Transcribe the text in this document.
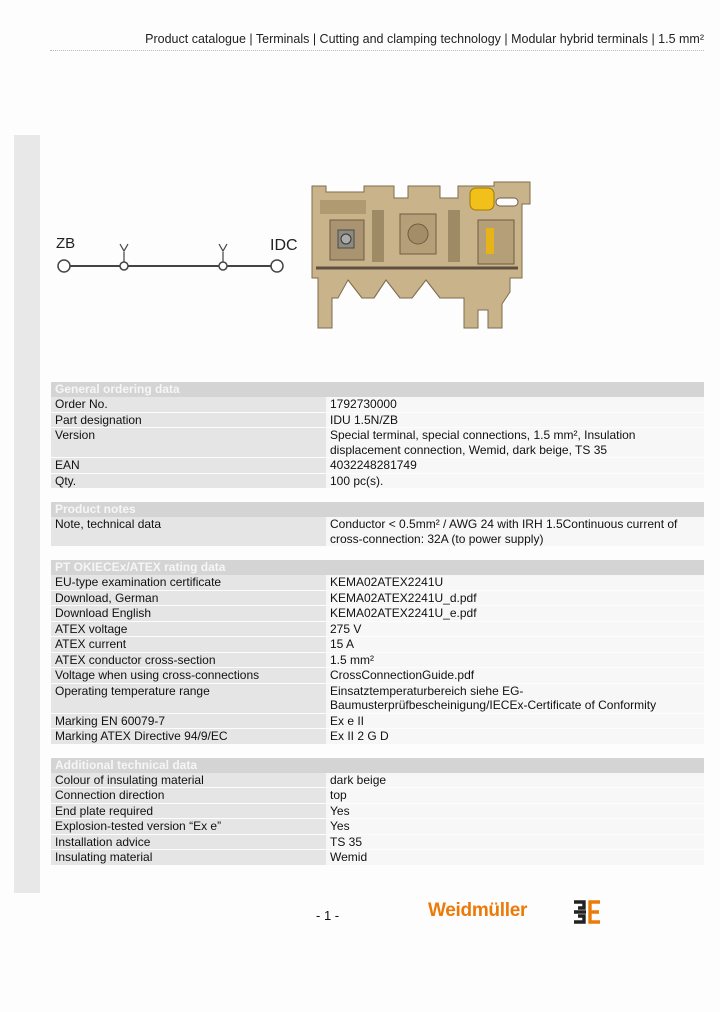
Product catalogue | Terminals | Cutting and clamping technology | Modular hybrid terminals | 1.5 mm²
ZB	IDC
General ordering data	
Order No.	1792730000
Part designation	IDU 1.5N/ZB
Version	Special terminal, special connections, 1.5 mm², Insulation displacement connection, Wemid, dark beige, TS 35
EAN	4032248281749
Qty.	100 pc(s).

Product notes	
Note, technical data	Conductor < 0.5mm² / AWG 24 with IRH 1.5Continuous current of cross-connection: 32A (to power supply)

PT OKIECEx/ATEX rating data	
EU-type examination certificate	KEMA02ATEX2241U
Download, German	KEMA02ATEX2241U_d.pdf
Download English	KEMA02ATEX2241U_e.pdf
ATEX voltage	275 V
ATEX current	15 A
ATEX conductor cross-section	1.5 mm²
Voltage when using cross-connections	CrossConnectionGuide.pdf
Operating temperature range	Einsatztemperaturbereich siehe EG-Baumusterprüfbescheinigung/IECEx-Certificate of Conformity
Marking EN 60079-7	Ex e II
Marking ATEX Directive 94/9/EC	Ex II 2 G D

Additional technical data	
Colour of insulating material	dark beige
Connection direction	top
End plate required	Yes
Explosion-tested version “Ex e”	Yes
Installation advice	TS 35
Insulating material	Wemid
- 1 -	Weidmüller
